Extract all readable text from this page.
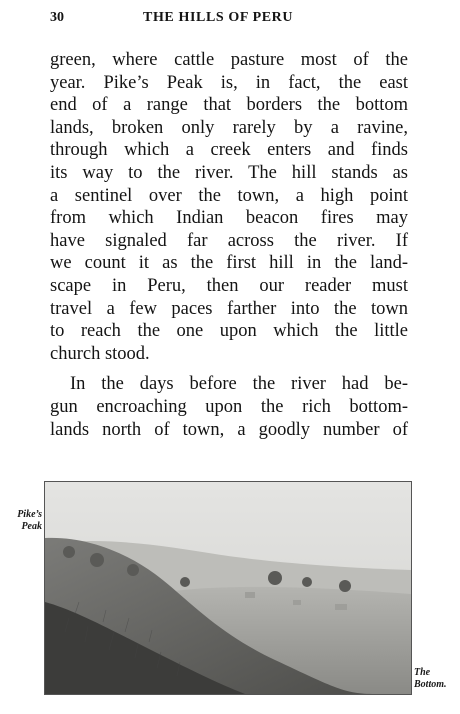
30	THE HILLS OF PERU

green, where cattle pasture most of the
year. Pike’s Peak is, in fact, the east
end of a range that borders the bottom
lands, broken only rarely by a ravine,
through which a creek enters and finds
its way to the river. The hill stands as
a sentinel over the town, a high point
from which Indian beacon fires may
have signaled far across the river. If
we count it as the first hill in the land-
scape in Peru, then our reader must
travel a few paces farther into the town
to reach the one upon which the little
church stood.

In the days before the river had be-
gun encroaching upon the rich bottom-
lands north of town, a goodly number of

Pike’s
Peak
The
Bottom.
